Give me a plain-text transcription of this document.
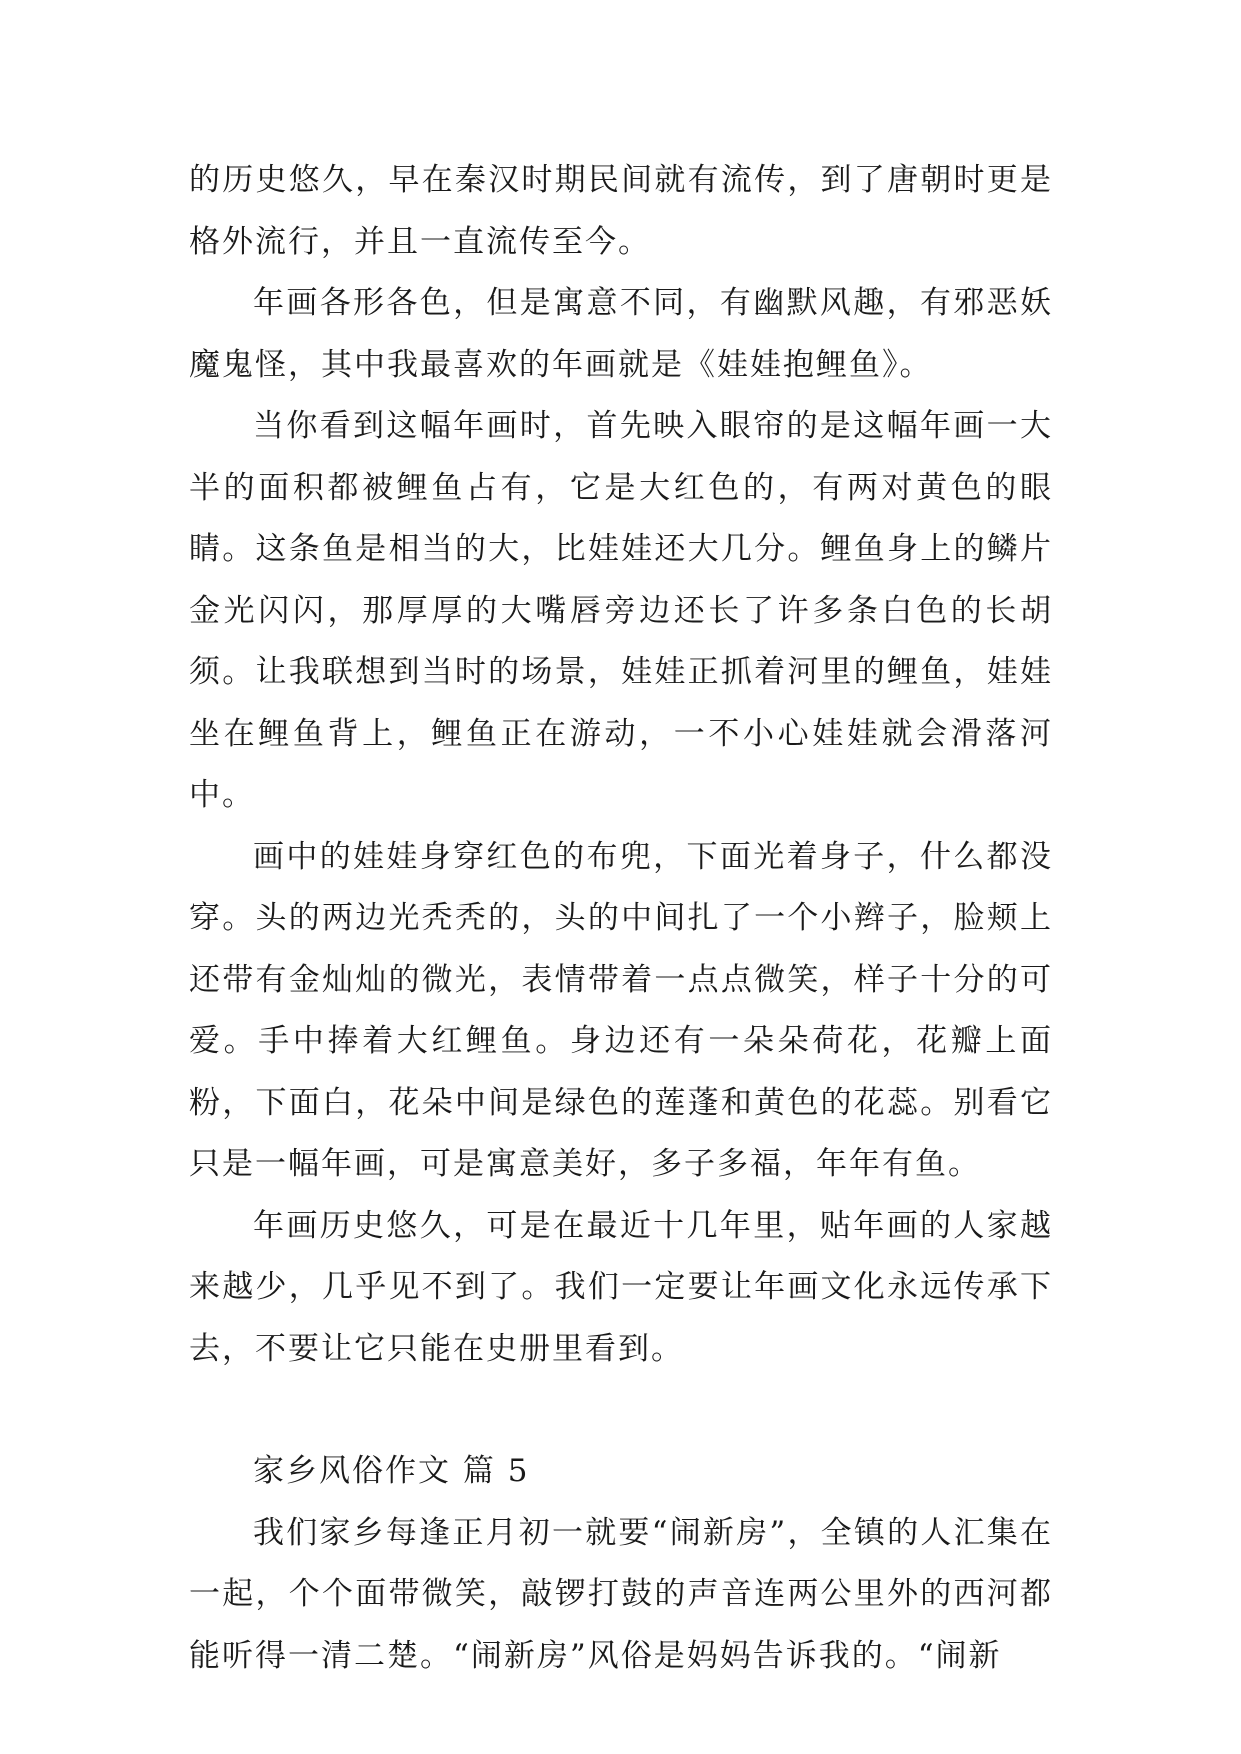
的历史悠久，早在秦汉时期民间就有流传，到了唐朝时更是格外流行，并且一直流传至今。

年画各形各色，但是寓意不同，有幽默风趣，有邪恶妖魔鬼怪，其中我最喜欢的年画就是《娃娃抱鲤鱼》。

当你看到这幅年画时，首先映入眼帘的是这幅年画一大半的面积都被鲤鱼占有，它是大红色的，有两对黄色的眼睛。这条鱼是相当的大，比娃娃还大几分。鲤鱼身上的鳞片金光闪闪，那厚厚的大嘴唇旁边还长了许多条白色的长胡须。让我联想到当时的场景，娃娃正抓着河里的鲤鱼，娃娃坐在鲤鱼背上，鲤鱼正在游动，一不小心娃娃就会滑落河中。

画中的娃娃身穿红色的布兜，下面光着身子，什么都没穿。头的两边光秃秃的，头的中间扎了一个小辫子，脸颊上还带有金灿灿的微光，表情带着一点点微笑，样子十分的可爱。手中捧着大红鲤鱼。身边还有一朵朵荷花，花瓣上面粉，下面白，花朵中间是绿色的莲蓬和黄色的花蕊。别看它只是一幅年画，可是寓意美好，多子多福，年年有鱼。

年画历史悠久，可是在最近十几年里，贴年画的人家越来越少，几乎见不到了。我们一定要让年画文化永远传承下去，不要让它只能在史册里看到。

家乡风俗作文 篇 5

我们家乡每逢正月初一就要“闹新房”，全镇的人汇集在一起，个个面带微笑，敲锣打鼓的声音连两公里外的西河都能听得一清二楚。“闹新房”风俗是妈妈告诉我的。“闹新
